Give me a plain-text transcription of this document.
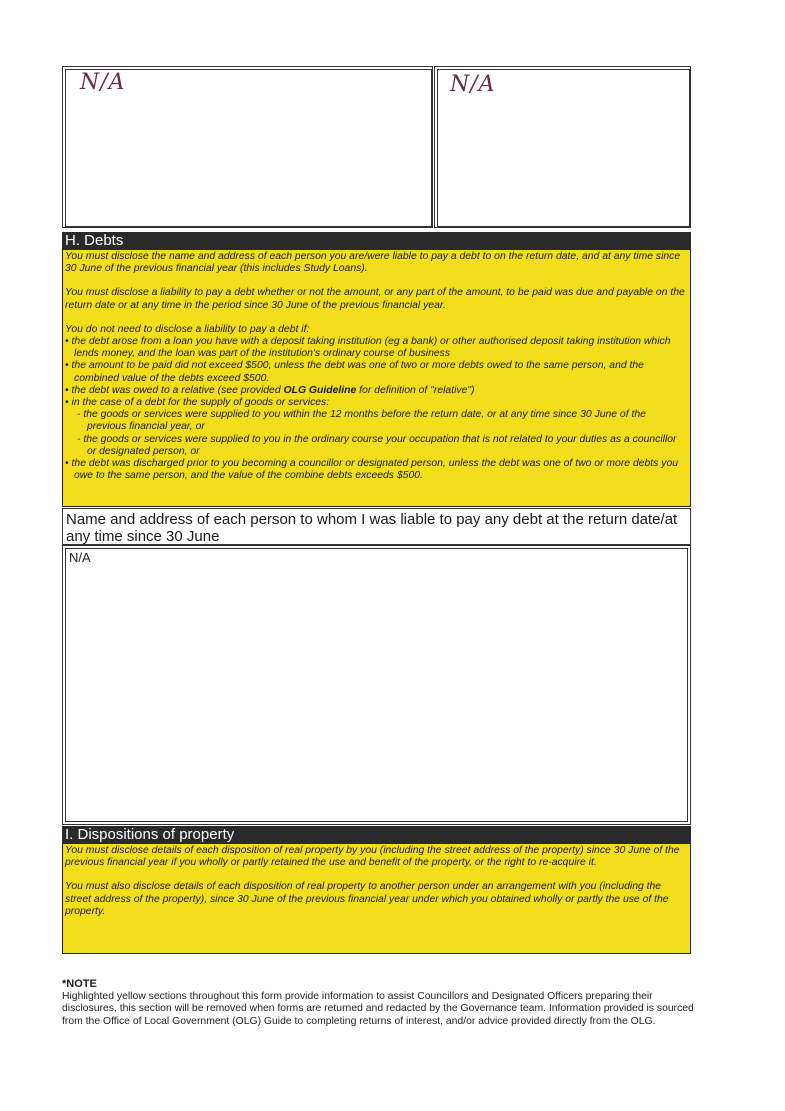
N/A	N/A
H. Debts

You must disclose the name and address of each person you are/were liable to pay a debt to on the return date, and at any time since 30 June of the previous financial year (this includes Study Loans).

You must disclose a liability to pay a debt whether or not the amount, or any part of the amount, to be paid was due and payable on the return date or at any time in the period since 30 June of the previous financial year.

You do not need to disclose a liability to pay a debt if:

• the debt arose from a loan you have with a deposit taking institution (eg a bank) or other authorised deposit taking institution which lends money, and the loan was part of the institution's ordinary course of business

• the amount to be paid did not exceed $500, unless the debt was one of two or more debts owed to the same person, and the combined value of the debts exceed $500.

• the debt was owed to a relative (see provided OLG Guideline for definition of "relative")

• in the case of a debt for the supply of goods or services:

- the goods or services were supplied to you within the 12 months before the return date, or at any time since 30 June of the previous financial year, or

- the goods or services were supplied to you in the ordinary course your occupation that is not related to your duties as a councillor or designated person, or

• the debt was discharged prior to you becoming a councillor or designated person, unless the debt was one of two or more debts you owe to the same person, and the value of the combine debts exceeds $500.

Name and address of each person to whom I was liable to pay any debt at the return date/at any time since 30 June
N/A
I. Dispositions of property

You must disclose details of each disposition of real property by you (including the street address of the property) since 30 June of the previous financial year if you wholly or partly retained the use and benefit of the property, or the right to re-acquire it.

You must also disclose details of each disposition of real property to another person under an arrangement with you (including the street address of the property), since 30 June of the previous financial year under which you obtained wholly or partly the use of the property.

*NOTE
Highlighted yellow sections throughout this form provide information to assist Councillors and Designated Officers preparing their disclosures, this section will be removed when forms are returned and redacted by the Governance team. Information provided is sourced from the Office of Local Government (OLG) Guide to completing returns of interest, and/or advice provided directly from the OLG.
